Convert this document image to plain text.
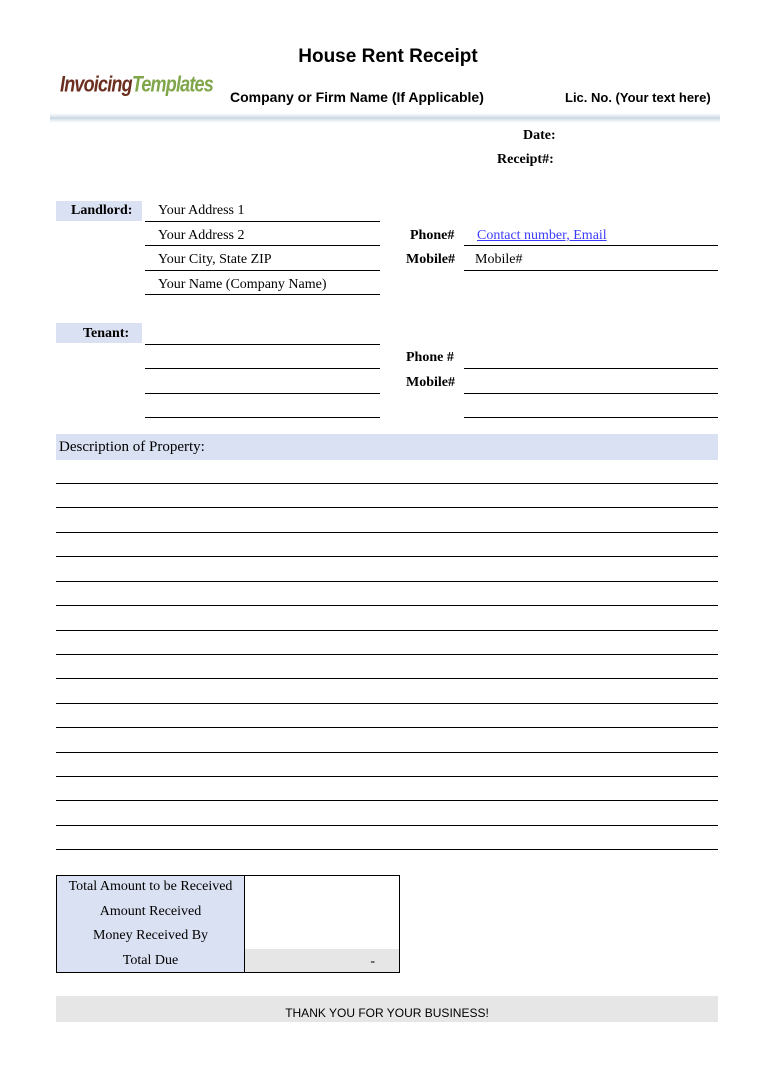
House Rent Receipt
InvoicingTemplates
Company or Firm Name (If Applicable)	Lic. No. (Your text here)
Date:
Receipt#:
Landlord: Your Address 1
Your Address 2
Your City, State ZIP
Your Name (Company Name)
Phone# Contact number, Email
Mobile# Mobile#
Tenant:
Phone #
Mobile#
Description of Property:
Total Amount to be Received
Amount Received
Money Received By
Total Due	-
THANK YOU FOR YOUR BUSINESS!
